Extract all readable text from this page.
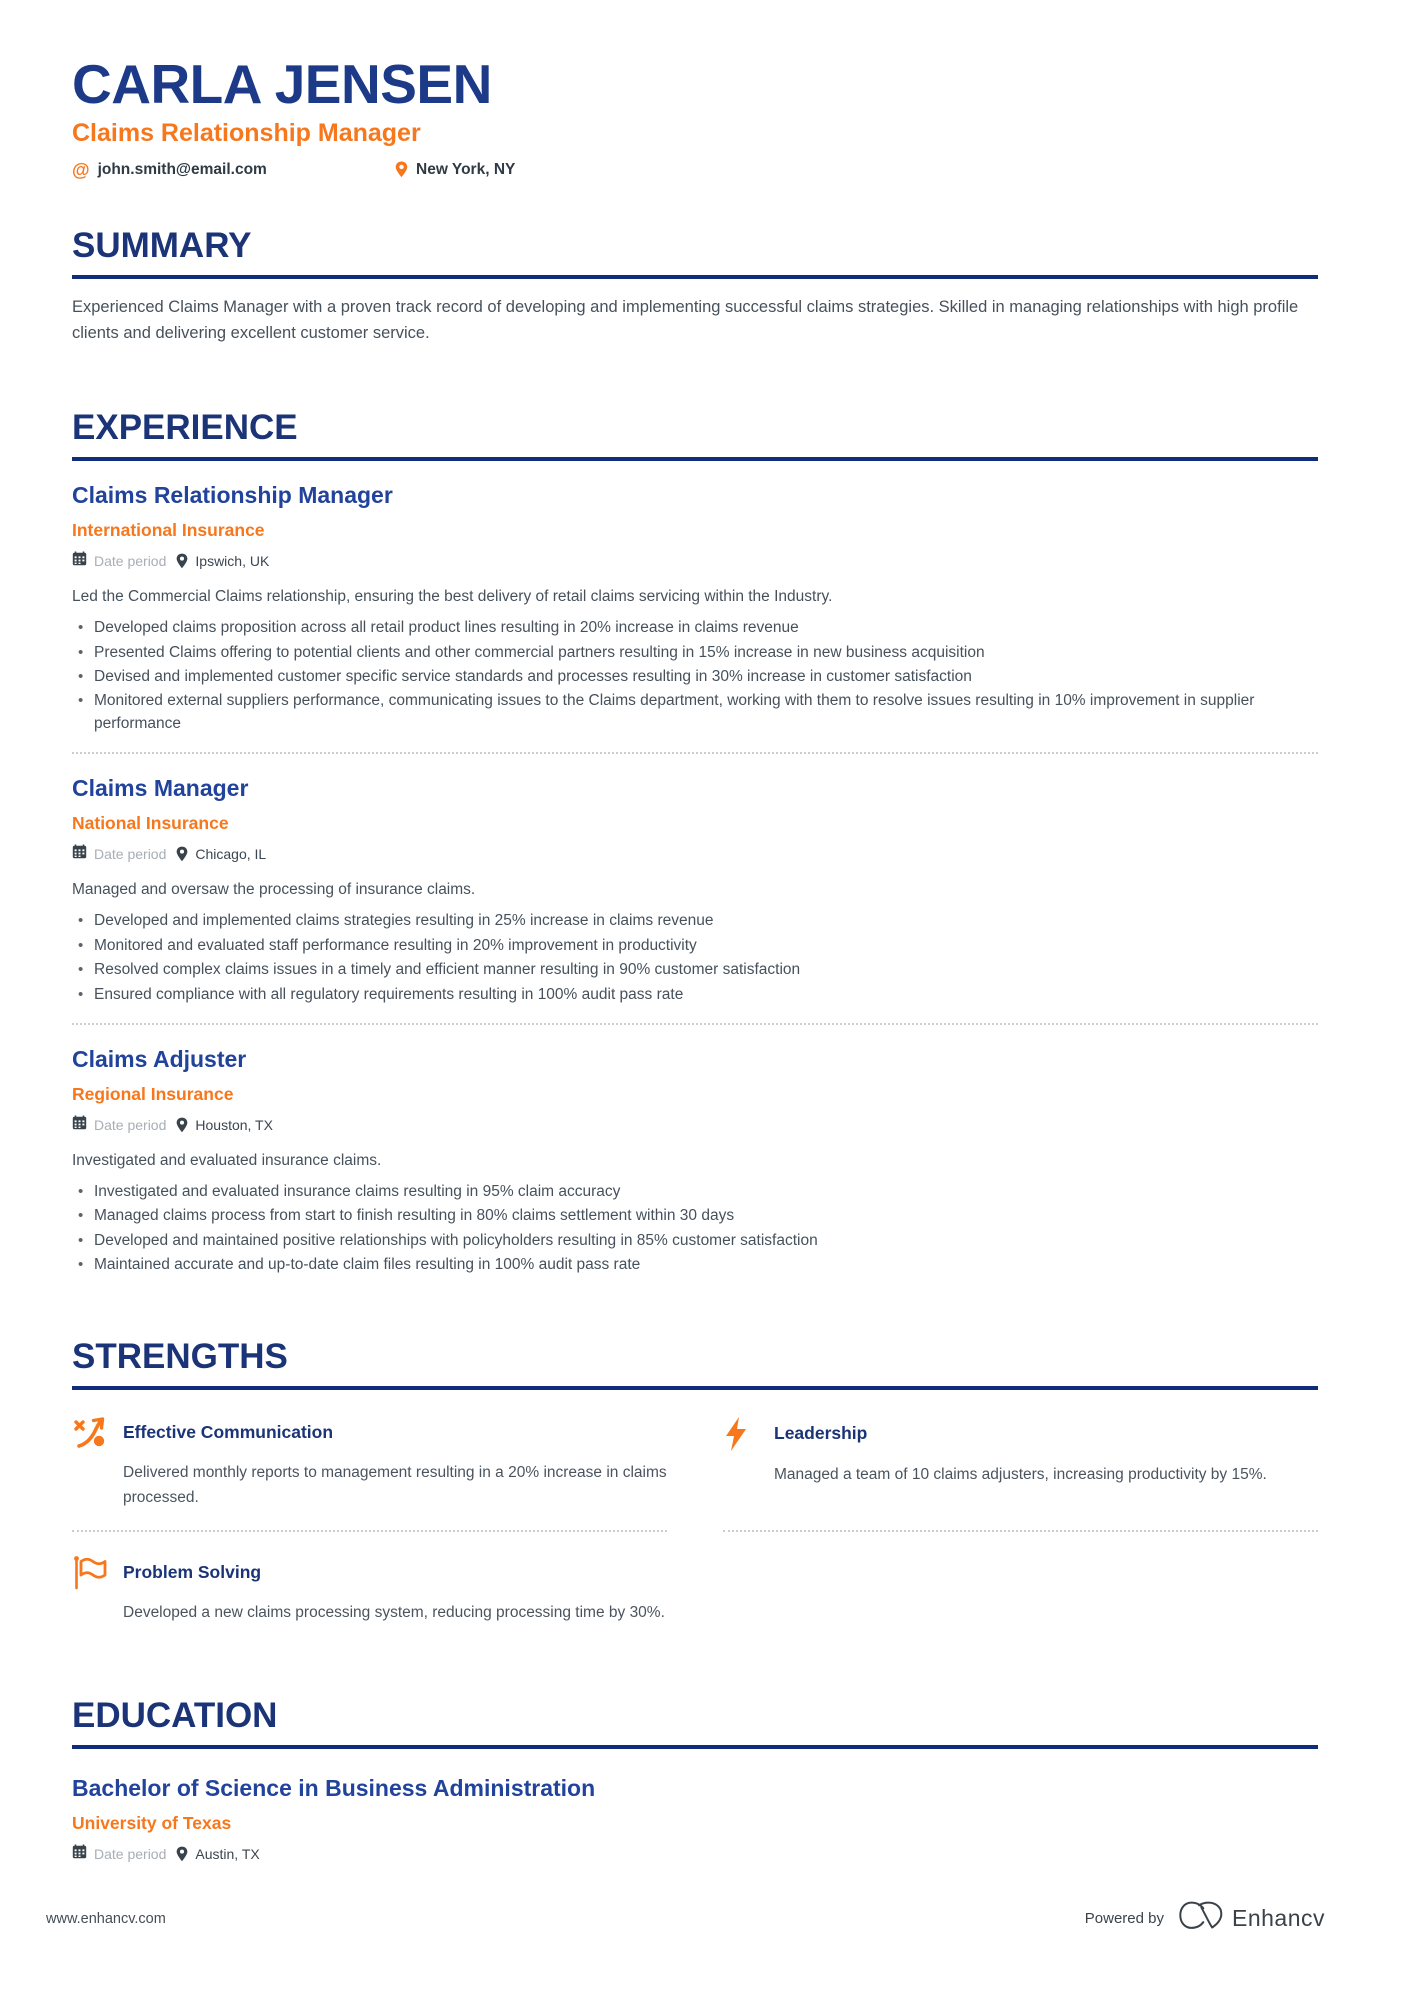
CARLA JENSEN
Claims Relationship Manager
@ john.smith@email.com	New York, NY
SUMMARY

Experienced Claims Manager with a proven track record of developing and implementing successful claims strategies. Skilled in managing relationships with high profile clients and delivering excellent customer service.

EXPERIENCE
Claims Relationship Manager
International Insurance
Date period Ipswich, UK

Led the Commercial Claims relationship, ensuring the best delivery of retail claims servicing within the Industry.

• Developed claims proposition across all retail product lines resulting in 20% increase in claims revenue
• Presented Claims offering to potential clients and other commercial partners resulting in 15% increase in new business acquisition
• Devised and implemented customer specific service standards and processes resulting in 30% increase in customer satisfaction
• Monitored external suppliers performance, communicating issues to the Claims department, working with them to resolve issues resulting in 10% improvement in supplier performance
Claims Manager
National Insurance
Date period Chicago, IL

Managed and oversaw the processing of insurance claims.

• Developed and implemented claims strategies resulting in 25% increase in claims revenue
• Monitored and evaluated staff performance resulting in 20% improvement in productivity
• Resolved complex claims issues in a timely and efficient manner resulting in 90% customer satisfaction
• Ensured compliance with all regulatory requirements resulting in 100% audit pass rate
Claims Adjuster
Regional Insurance
Date period Houston, TX

Investigated and evaluated insurance claims.

• Investigated and evaluated insurance claims resulting in 95% claim accuracy
• Managed claims process from start to finish resulting in 80% claims settlement within 30 days
• Developed and maintained positive relationships with policyholders resulting in 85% customer satisfaction
• Maintained accurate and up-to-date claim files resulting in 100% audit pass rate
STRENGTHS
Effective Communication

Delivered monthly reports to management resulting in a 20% increase in claims processed.

Leadership

Managed a team of 10 claims adjusters, increasing productivity by 15%.

Problem Solving

Developed a new claims processing system, reducing processing time by 30%.

EDUCATION
Bachelor of Science in Business Administration
University of Texas
Date period Austin, TX
www.enhancv.com	Powered by	Enhancv
